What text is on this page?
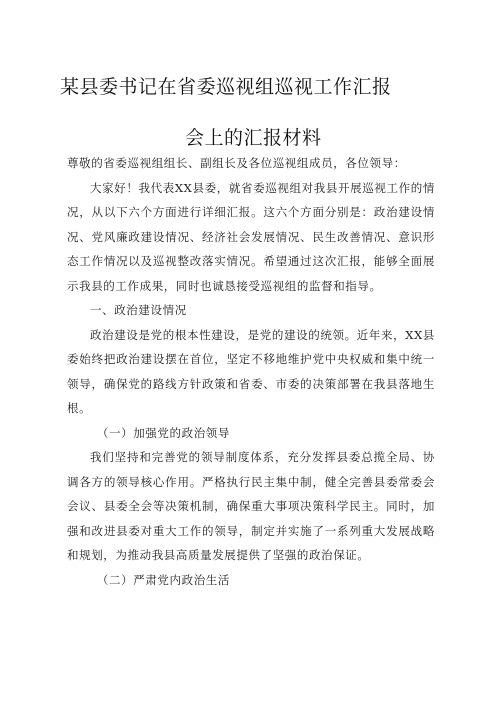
某县委书记在省委巡视组巡视工作汇报
会上的汇报材料

尊敬的省委巡视组组长、副组长及各位巡视组成员，各位领导：

大家好！我代表XX县委，就省委巡视组对我县开展巡视工作的情况，从以下六个方面进行详细汇报。这六个方面分别是：政治建设情况、党风廉政建设情况、经济社会发展情况、民生改善情况、意识形态工作情况以及巡视整改落实情况。希望通过这次汇报，能够全面展示我县的工作成果，同时也诚恳接受巡视组的监督和指导。

一、政治建设情况

政治建设是党的根本性建设，是党的建设的统领。近年来，XX县委始终把政治建设摆在首位，坚定不移地维护党中央权威和集中统一领导，确保党的路线方针政策和省委、市委的决策部署在我县落地生根。

（一）加强党的政治领导

我们坚持和完善党的领导制度体系，充分发挥县委总揽全局、协调各方的领导核心作用。严格执行民主集中制，健全完善县委常委会会议、县委全会等决策机制，确保重大事项决策科学民主。同时，加强和改进县委对重大工作的领导，制定并实施了一系列重大发展战略和规划，为推动我县高质量发展提供了坚强的政治保证。

（二）严肃党内政治生活
